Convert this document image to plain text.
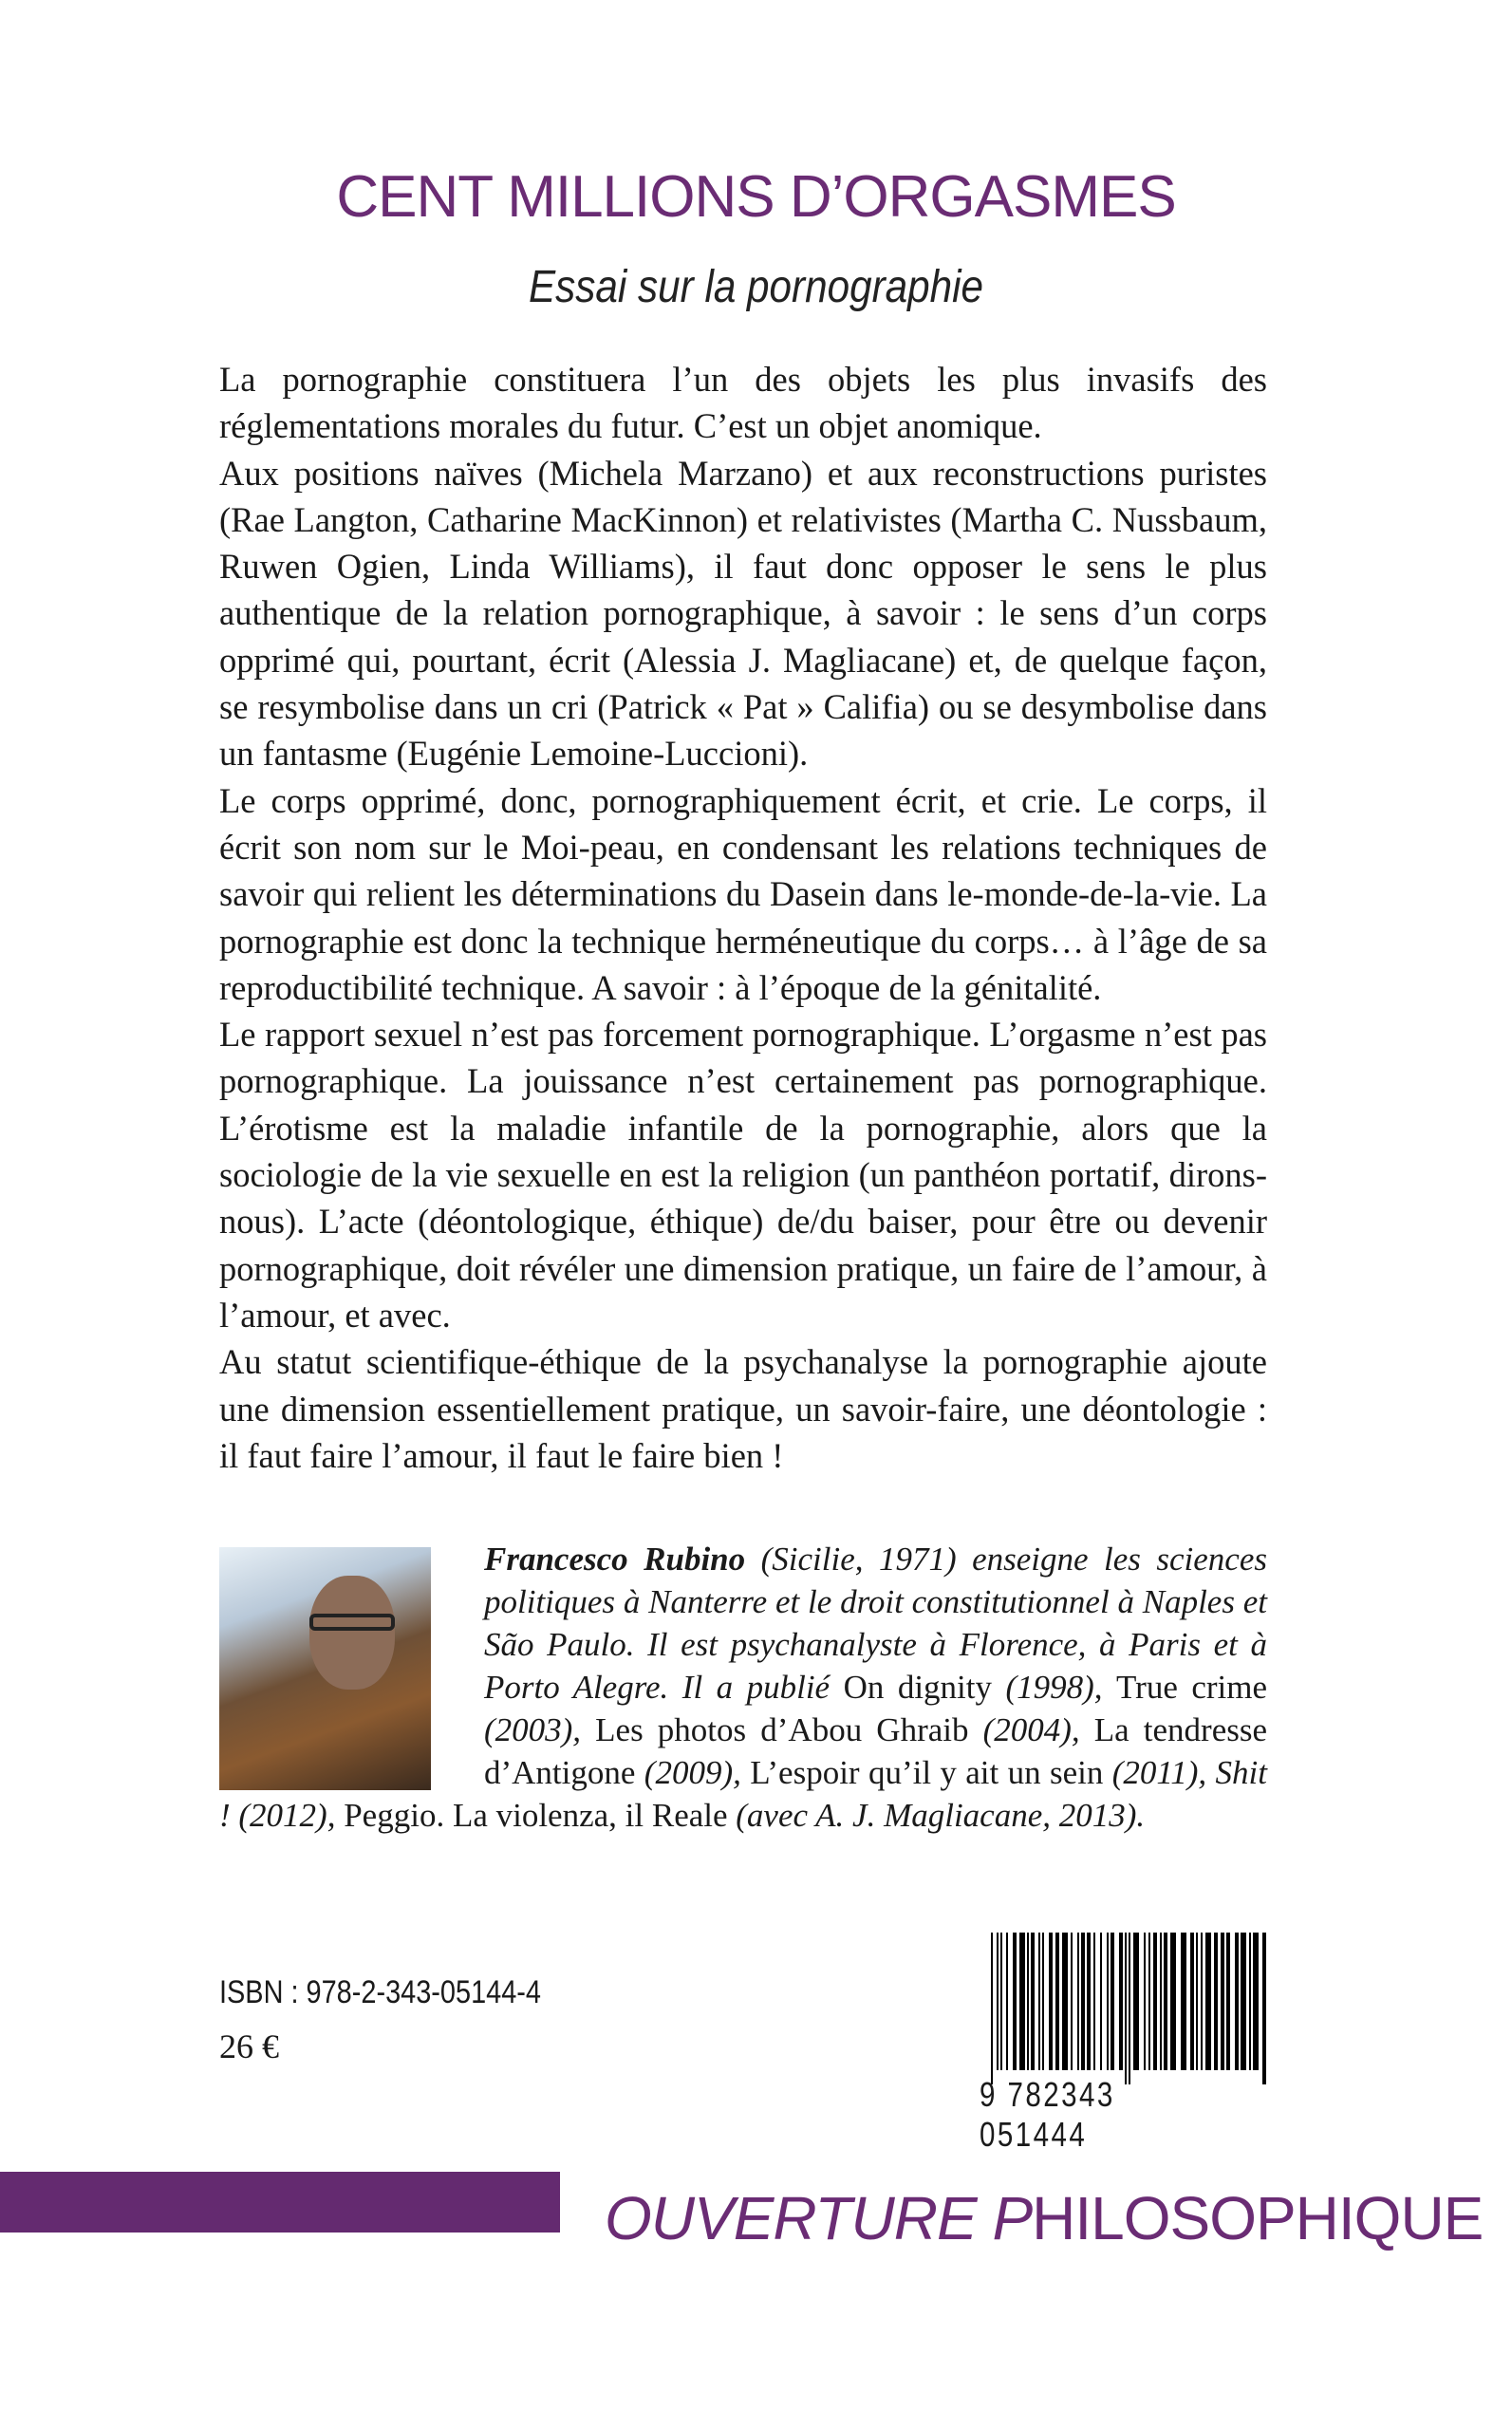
CENT MILLIONS D’ORGASMES
Essai sur la pornographie

La pornographie constituera l’un des objets les plus invasifs des réglementations morales du futur. C’est un objet anomique.

Aux positions naïves (Michela Marzano) et aux reconstructions puristes (Rae Langton, Catharine MacKinnon) et relativistes (Martha C. Nussbaum, Ruwen Ogien, Linda Williams), il faut donc opposer le sens le plus authentique de la relation pornographique, à savoir : le sens d’un corps opprimé qui, pourtant, écrit (Alessia J. Magliacane) et, de quelque façon, se resymbolise dans un cri (Patrick « Pat » Califia) ou se desymbolise dans un fantasme (Eugénie Lemoine-Luccioni).

Le corps opprimé, donc, pornographiquement écrit, et crie. Le corps, il écrit son nom sur le Moi-peau, en condensant les relations techniques de savoir qui relient les déterminations du Dasein dans le-monde-de-la-vie. La pornographie est donc la technique herméneutique du corps… à l’âge de sa reproductibilité technique. A savoir : à l’époque de la génitalité.

Le rapport sexuel n’est pas forcement pornographique. L’orgasme n’est pas pornographique. La jouissance n’est certainement pas pornographique. L’érotisme est la maladie infantile de la pornographie, alors que la sociologie de la vie sexuelle en est la religion (un panthéon portatif, dirons-nous). L’acte (déontologique, éthique) de/du baiser, pour être ou devenir pornographique, doit révéler une dimension pratique, un faire de l’amour, à l’amour, et avec.

Au statut scientifique-éthique de la psychanalyse la pornographie ajoute une dimension essentiellement pratique, un savoir-faire, une déontologie : il faut faire l’amour, il faut le faire bien !

Francesco Rubino (Sicilie, 1971) enseigne les sciences politiques à Nanterre et le droit constitutionnel à Naples et São Paulo. Il est psychanalyste à Florence, à Paris et à Porto Alegre. Il a publié On dignity (1998), True crime (2003), Les photos d’Abou Ghraib (2004), La tendresse d’Antigone (2009), L’espoir qu’il y ait un sein (2011), Shit ! (2012), Peggio. La violenza, il Reale (avec A. J. Magliacane, 2013).
ISBN : 978-2-343-05144-4
26 €
9 782343 051444
OUVERTURE PHILOSOPHIQUE
